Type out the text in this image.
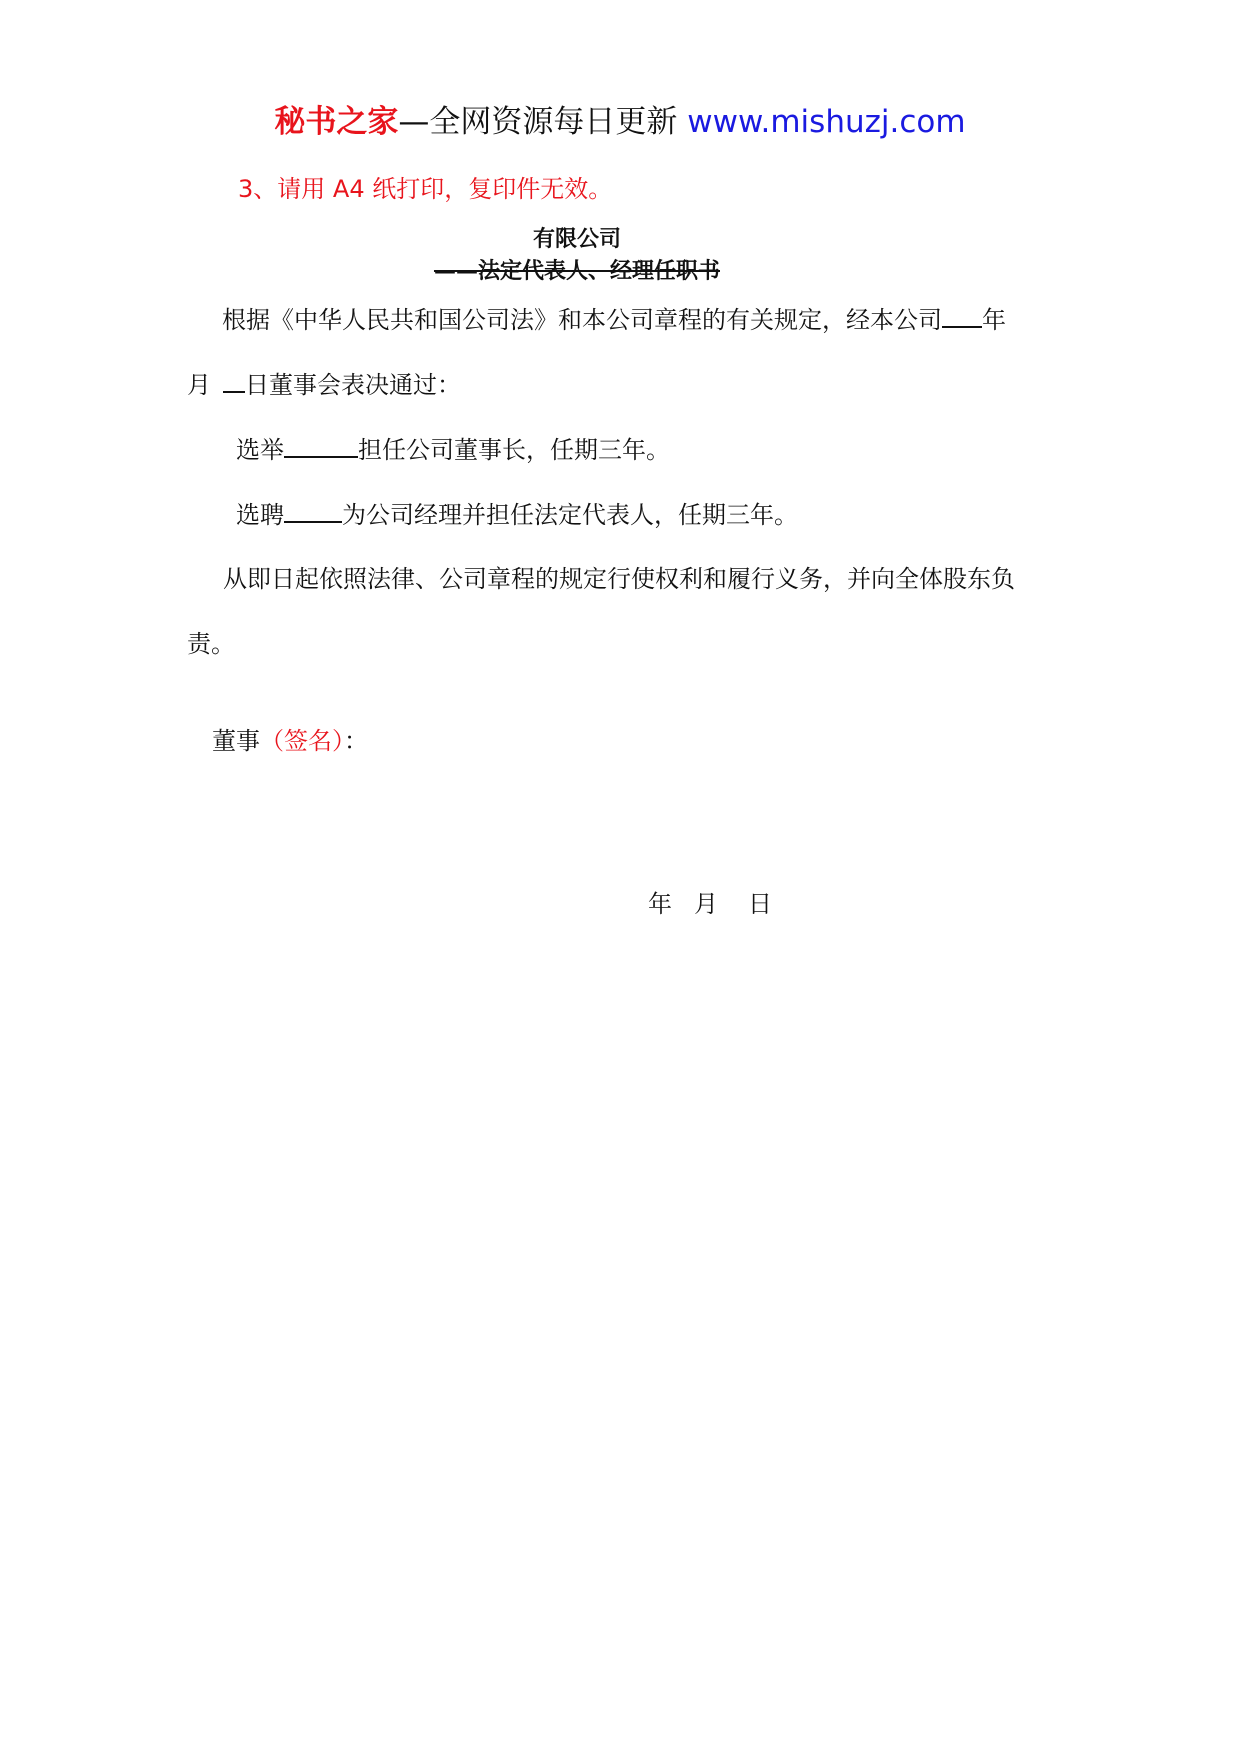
秘书之家—全网资源每日更新 www.mishuzj.com
3、请用 A4 纸打印，复印件无效。
有限公司
——法定代表人、经理任职书
根据《中华人民共和国公司法》和本公司章程的有关规定，经本公司 年
月 日董事会表决通过：
选举	担任公司董事长，任期三年。
选聘 为公司经理并担任法定代表人，任期三年。
从即日起依照法律、公司章程的规定行使权利和履行义务，并向全体股东负
责。
董事（签名）：
年 月 日
